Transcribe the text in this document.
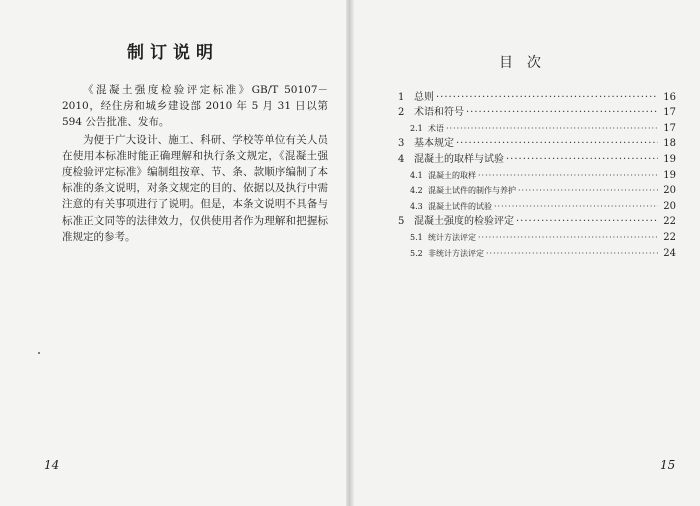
制订说明

《混凝土强度检验评定标准》GB/T 50107－2010，经住房和城乡建设部 2010 年 5 月 31 日以第 594 公告批准、发布。

为便于广大设计、施工、科研、学校等单位有关人员在使用本标准时能正确理解和执行条文规定，《混凝土强度检验评定标准》编制组按章、节、条、款顺序编制了本标准的条文说明，对条文规定的目的、依据以及执行中需注意的有关事项进行了说明。但是，本条文说明不具备与标准正文同等的法律效力，仅供使用者作为理解和把握标准规定的参考。

14
目次
1 总则 ·····	16
2 术语和符号 ·····	17
2.1 术语 ·····	17
3 基本规定 ·····	18
4 混凝土的取样与试验 ·····	19
4.1 混凝土的取样 ·····	19
4.2 混凝土试件的制作与养护 ·····	20
4.3 混凝土试件的试验 ·····	20
5 混凝土强度的检验评定 ·····	22
5.1 统计方法评定 ·····	22
5.2 非统计方法评定 ·····	24
15
